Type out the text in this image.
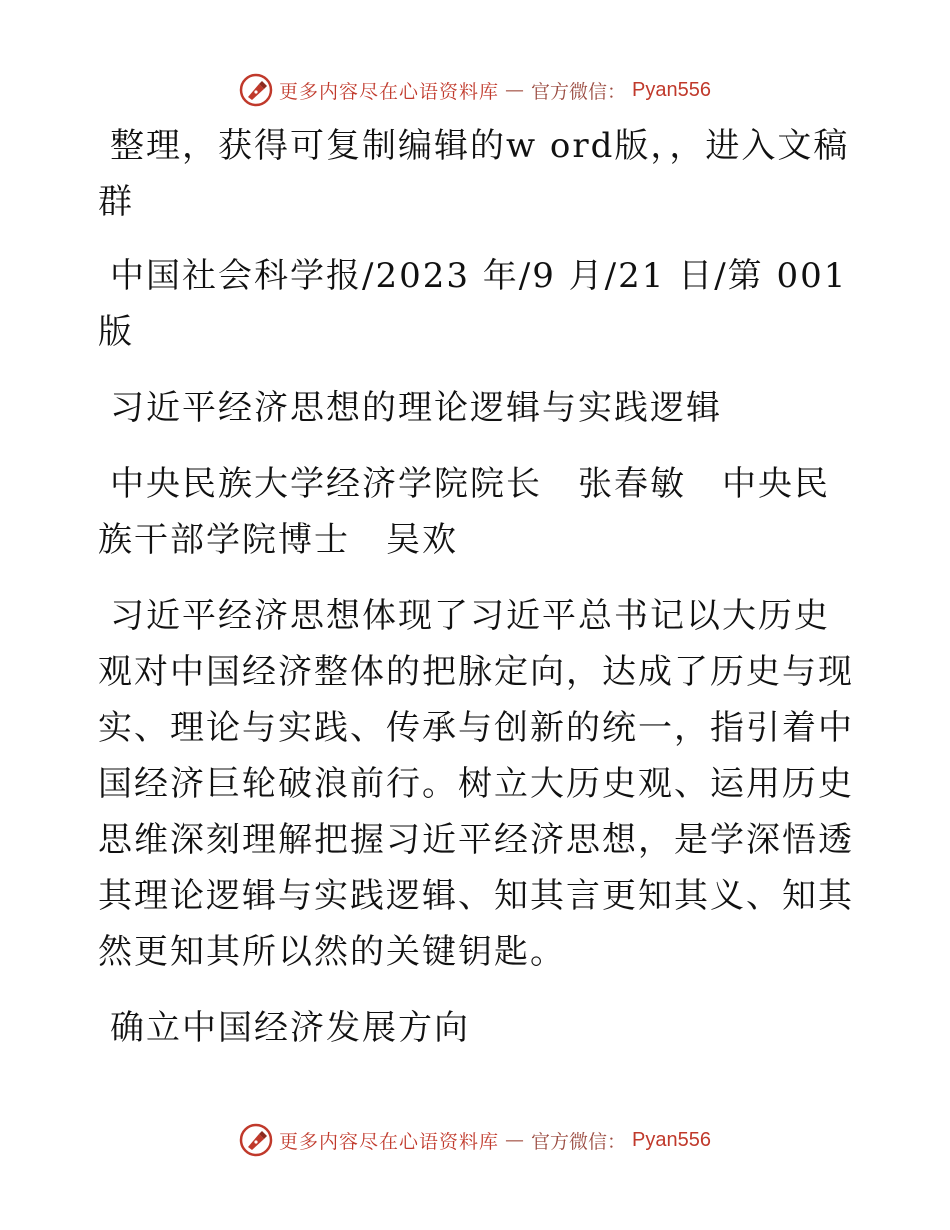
更多内容尽在心语资料库 — 官方微信： Pyan556

整理，获得可复制编辑的w ord版，，进入文稿群

中国社会科学报/2023 年/9 月/21 日/第 001 版

习近平经济思想的理论逻辑与实践逻辑

中央民族大学经济学院院长　张春敏　中央民族干部学院博士　吴欢

习近平经济思想体现了习近平总书记以大历史观对中国经济整体的把脉定向，达成了历史与现实、理论与实践、传承与创新的统一，指引着中国经济巨轮破浪前行。树立大历史观、运用历史思维深刻理解把握习近平经济思想，是学深悟透其理论逻辑与实践逻辑、知其言更知其义、知其然更知其所以然的关键钥匙。

确立中国经济发展方向

更多内容尽在心语资料库 — 官方微信： Pyan556
